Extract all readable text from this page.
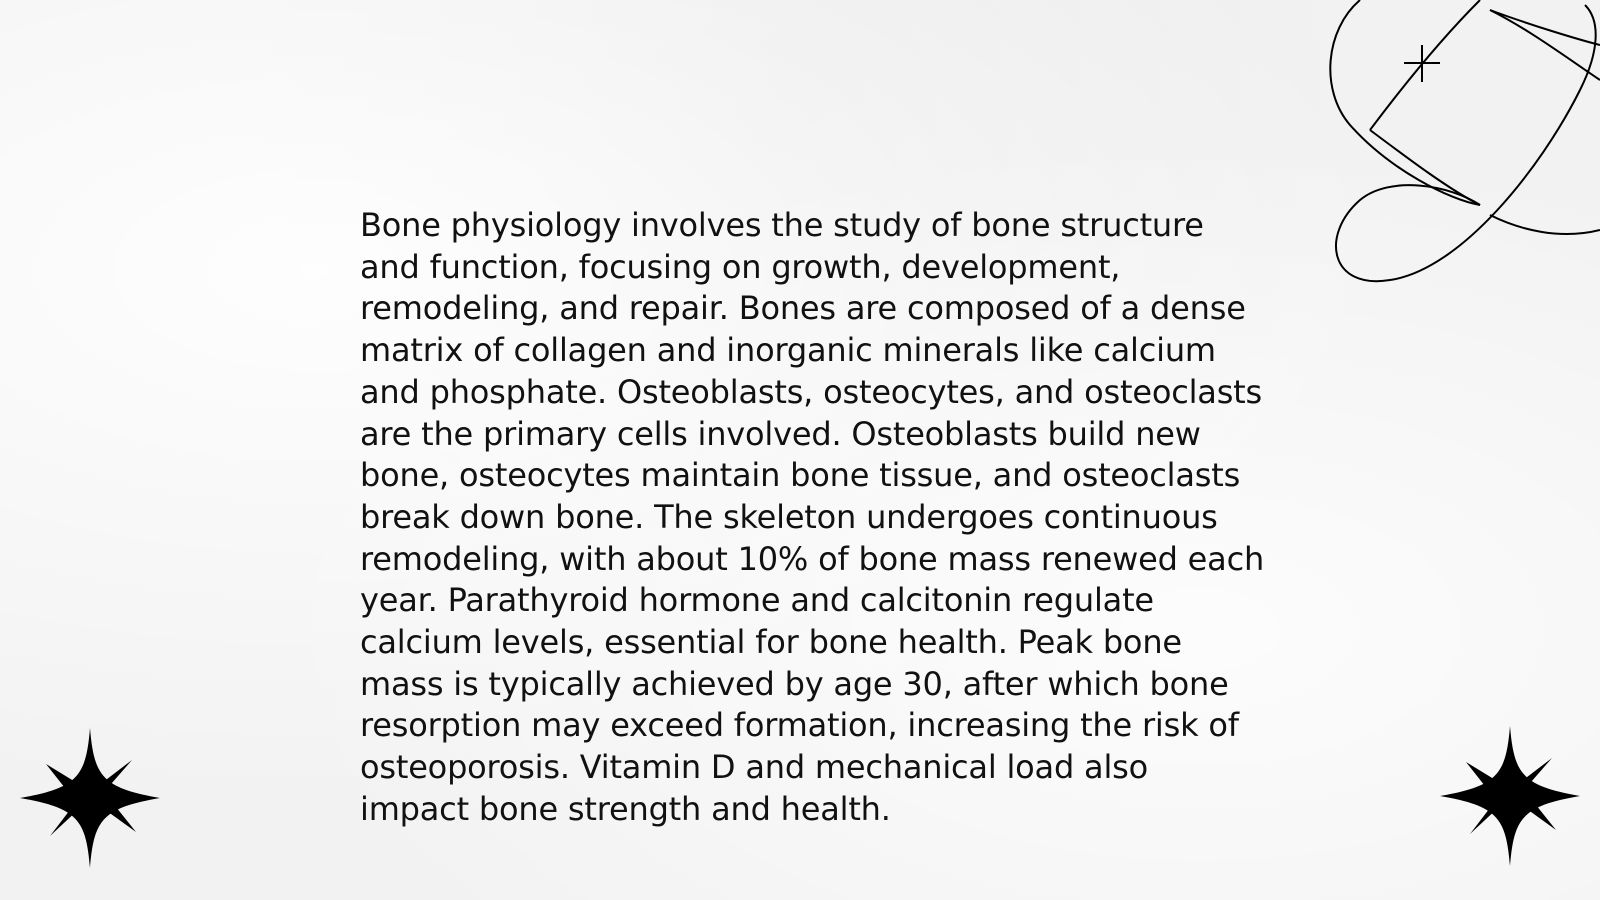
Bone physiology involves the study of bone structure and function, focusing on growth, development, remodeling, and repair. Bones are composed of a dense matrix of collagen and inorganic minerals like calcium and phosphate. Osteoblasts, osteocytes, and osteoclasts are the primary cells involved. Osteoblasts build new bone, osteocytes maintain bone tissue, and osteoclasts break down bone. The skeleton undergoes continuous remodeling, with about 10% of bone mass renewed each year. Parathyroid hormone and calcitonin regulate calcium levels, essential for bone health. Peak bone mass is typically achieved by age 30, after which bone resorption may exceed formation, increasing the risk of osteoporosis. Vitamin D and mechanical load also impact bone strength and health.
